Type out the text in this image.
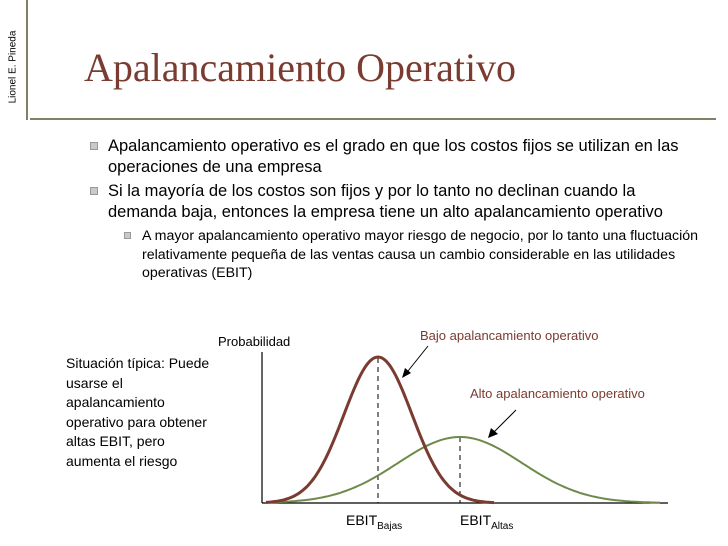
Lionel E. Pineda Apalancamiento Operativo
Apalancamiento operativo es el grado en que los costos fijos se utilizan en las operaciones de una empresa
Si la mayoría de los costos son fijos y por lo tanto no declinan cuando la demanda baja, entonces la empresa tiene un alto apalancamiento operativo
A mayor apalancamiento operativo mayor riesgo de negocio, por lo tanto una fluctuación relativamente pequeña de las ventas causa un cambio considerable en las utilidades operativas (EBIT)
Situación típica: Puede usarse el apalancamiento operativo para obtener altas EBIT, pero aumenta el riesgo
Probabilidad	Bajo apalancamiento operativo
Alto apalancamiento operativo
$EBIT_{Bajas}$	$EBIT_{Altas}$
